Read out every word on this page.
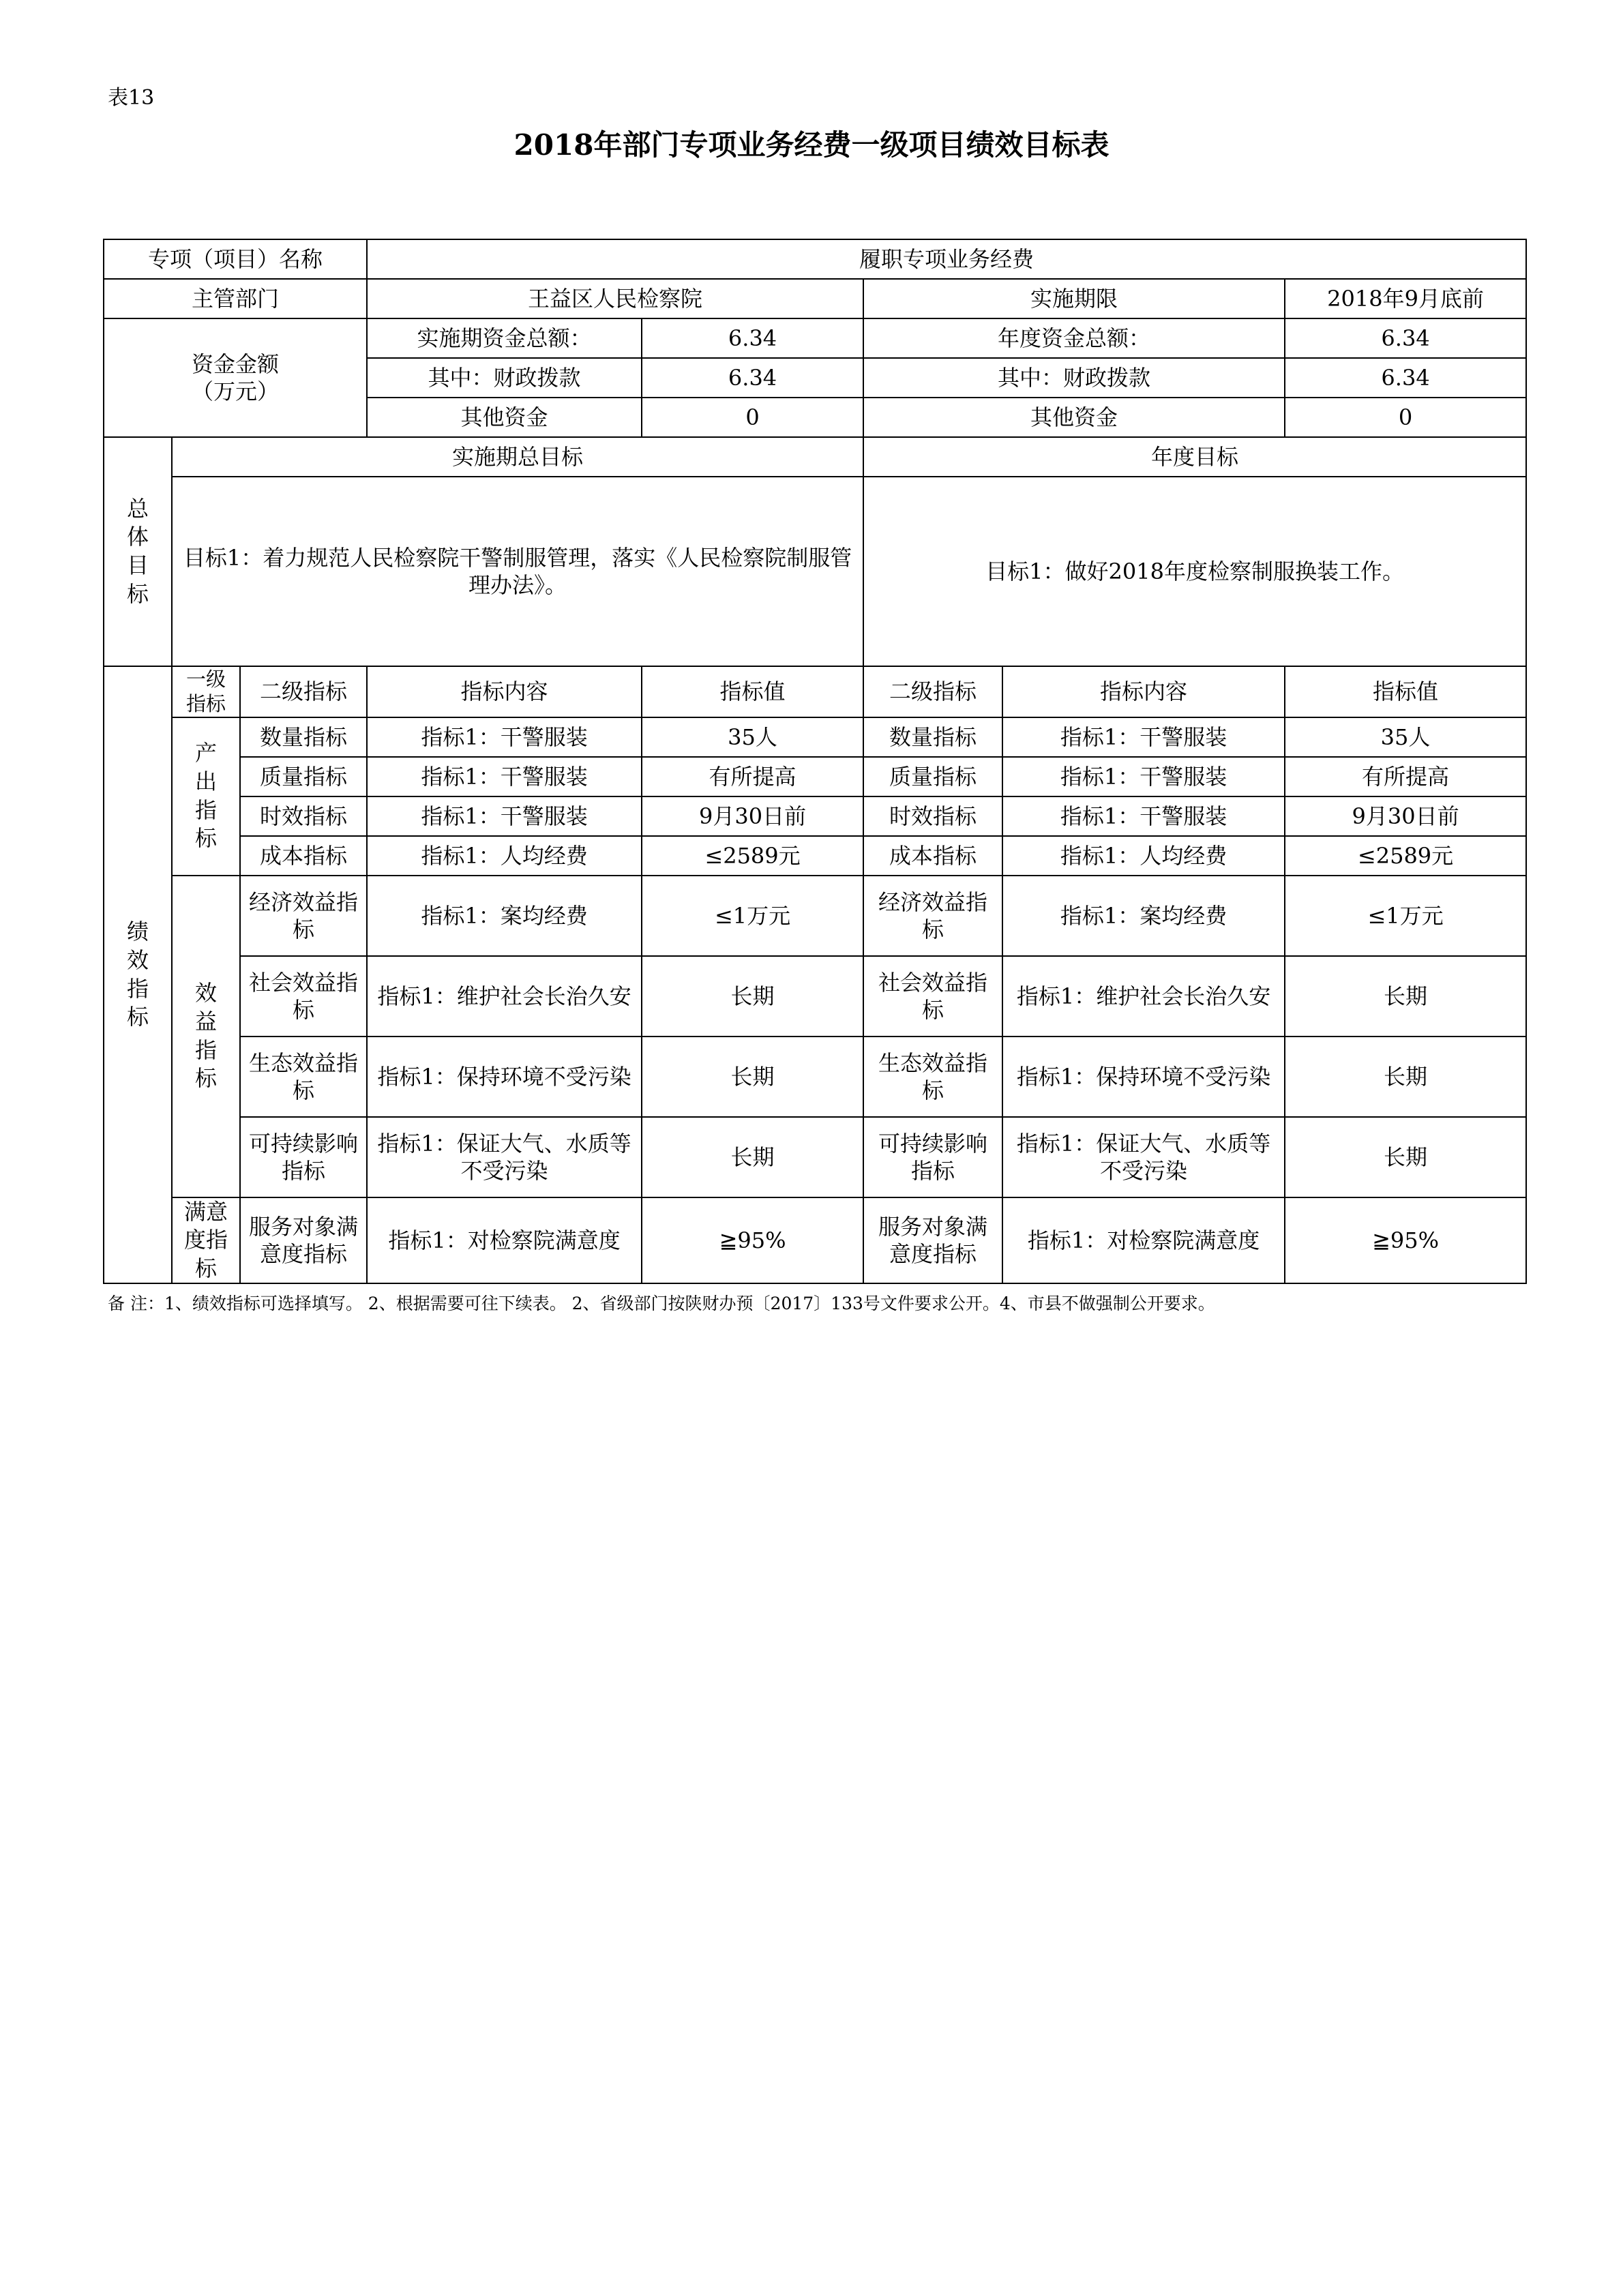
表13
2018年部门专项业务经费一级项目绩效目标表
专项（项目）名称			履职专项业务经费				
主管部门			王益区人民检察院		实施期限		2018年9月底前
资金金额
（万元）			实施期资金总额：	6.34	年度资金总额：		6.34
			其中：财政拨款	6.34	其中：财政拨款		6.34
			其他资金	0	其他资金		0
总体目标	实施期总目标				年度目标		
	目标1：着力规范人民检察院干警制服管理，落实《人民检察院制服管理办法》。				目标1：做好2018年度检察制服换装工作。		
绩效指标	一级指标	二级指标	指标内容	指标值	二级指标	指标内容	指标值
	产出指标	数量指标	指标1：干警服装	35人	数量指标	指标1：干警服装	35人
		质量指标	指标1：干警服装	有所提高	质量指标	指标1：干警服装	有所提高
		时效指标	指标1：干警服装	9月30日前	时效指标	指标1：干警服装	9月30日前
		成本指标	指标1：人均经费	≤2589元	成本指标	指标1：人均经费	≤2589元
	效益指标	经济效益指标	指标1：案均经费	≤1万元	经济效益指标	指标1：案均经费	≤1万元
		社会效益指标	指标1：维护社会长治久安	长期	社会效益指标	指标1：维护社会长治久安	长期
		生态效益指标	指标1：保持环境不受污染	长期	生态效益指标	指标1：保持环境不受污染	长期
		可持续影响指标	指标1：保证大气、水质等不受污染	长期	可持续影响指标	指标1：保证大气、水质等不受污染	长期
	满意度指标	服务对象满意度指标	指标1：对检察院满意度	≧95%	服务对象满意度指标	指标1：对检察院满意度	≧95%
备 注：1、绩效指标可选择填写。 2、根据需要可往下续表。 2、省级部门按陕财办预〔2017〕133号文件要求公开。4、市县不做强制公开要求。
